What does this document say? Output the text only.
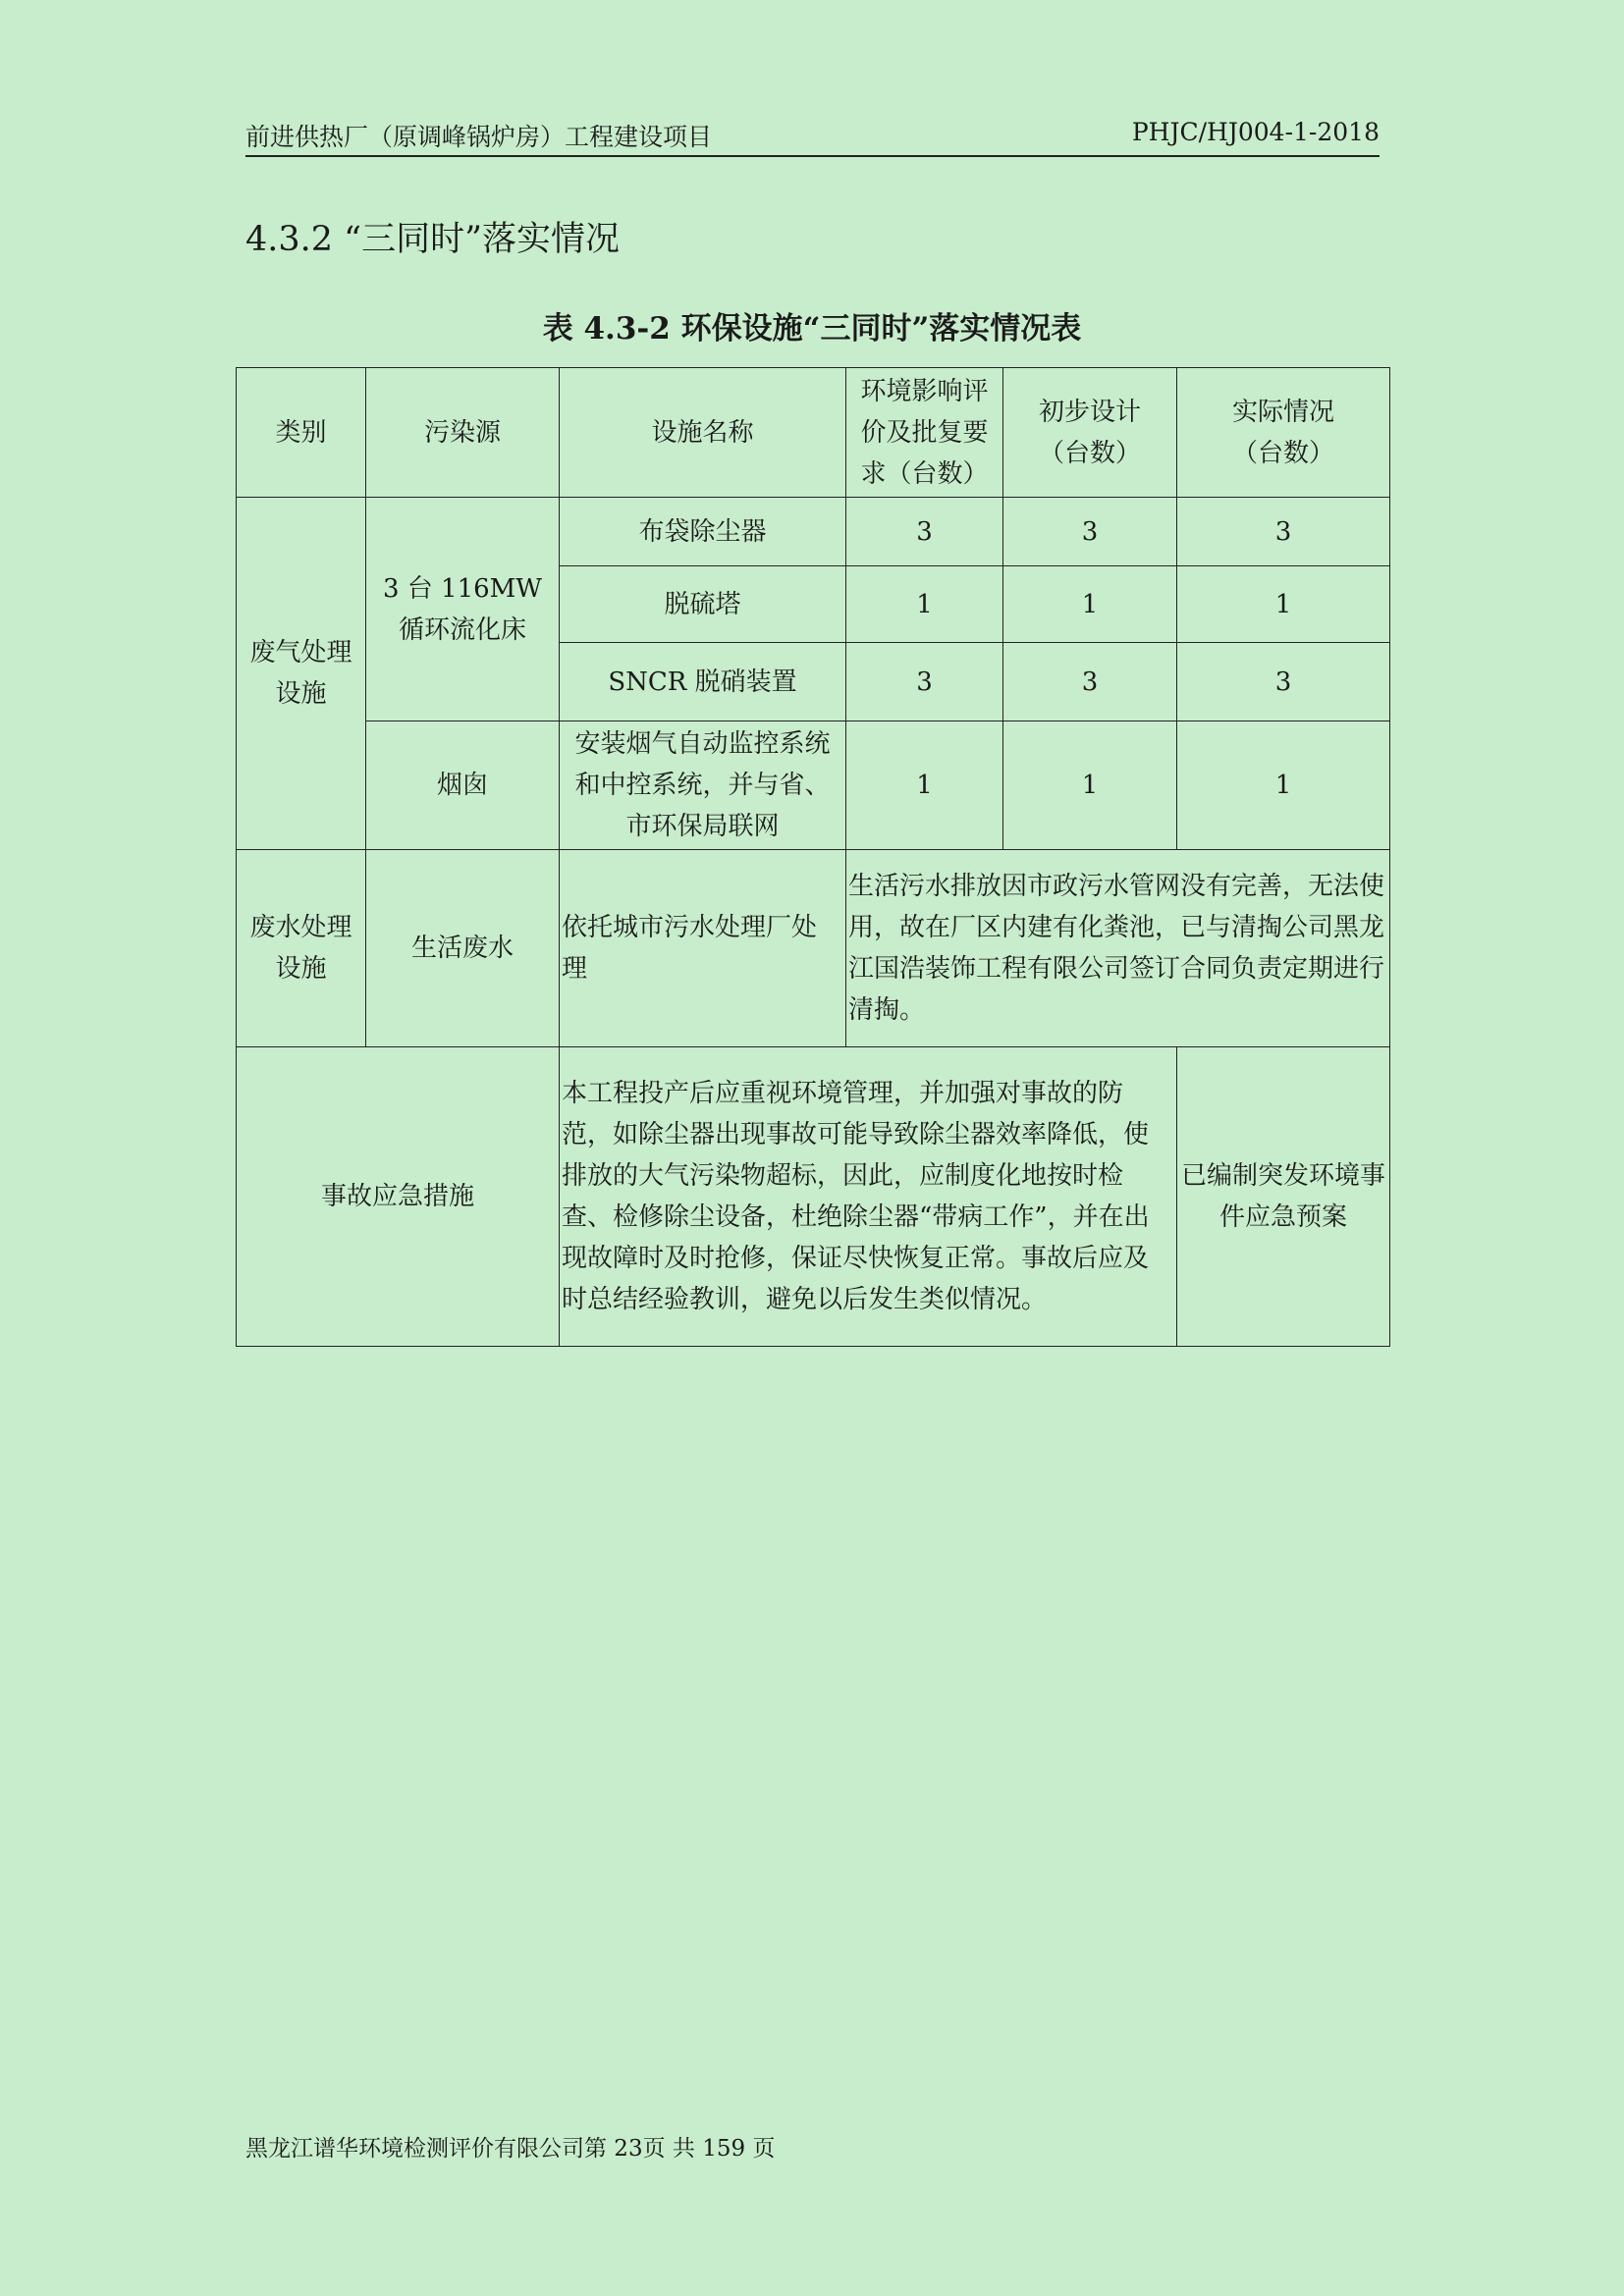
前进供热厂（原调峰锅炉房）工程建设项目	PHJC/HJ004-1-2018
4.3.2 “三同时”落实情况
表 4.3-2 环保设施“三同时”落实情况表
类别	污染源	设施名称	环境影响评价及批复要求（台数）	初步设计（台数）	实际情况（台数）
废气处理设施	3 台 116MW 循环流化床	布袋除尘器	3	3	3
		脱硫塔	1	1	1
		SNCR 脱硝装置	3	3	3
	烟囱	安装烟气自动监控系统和中控系统，并与省、市环保局联网	1	1	1
废水处理设施	生活废水	依托城市污水处理厂处理	生活污水排放因市政污水管网没有完善，无法使用，故在厂区内建有化粪池，已与清掏公司黑龙江国浩装饰工程有限公司签订合同负责定期进行清掏。		
事故应急措施		本工程投产后应重视环境管理，并加强对事故的防范，如除尘器出现事故可能导致除尘器效率降低，使排放的大气污染物超标，因此，应制度化地按时检查、检修除尘设备，杜绝除尘器“带病工作”，并在出现故障时及时抢修，保证尽快恢复正常。事故后应及时总结经验教训，避免以后发生类似情况。			已编制突发环境事件应急预案
黑龙江谱华环境检测评价有限公司第 23页 共 159 页
